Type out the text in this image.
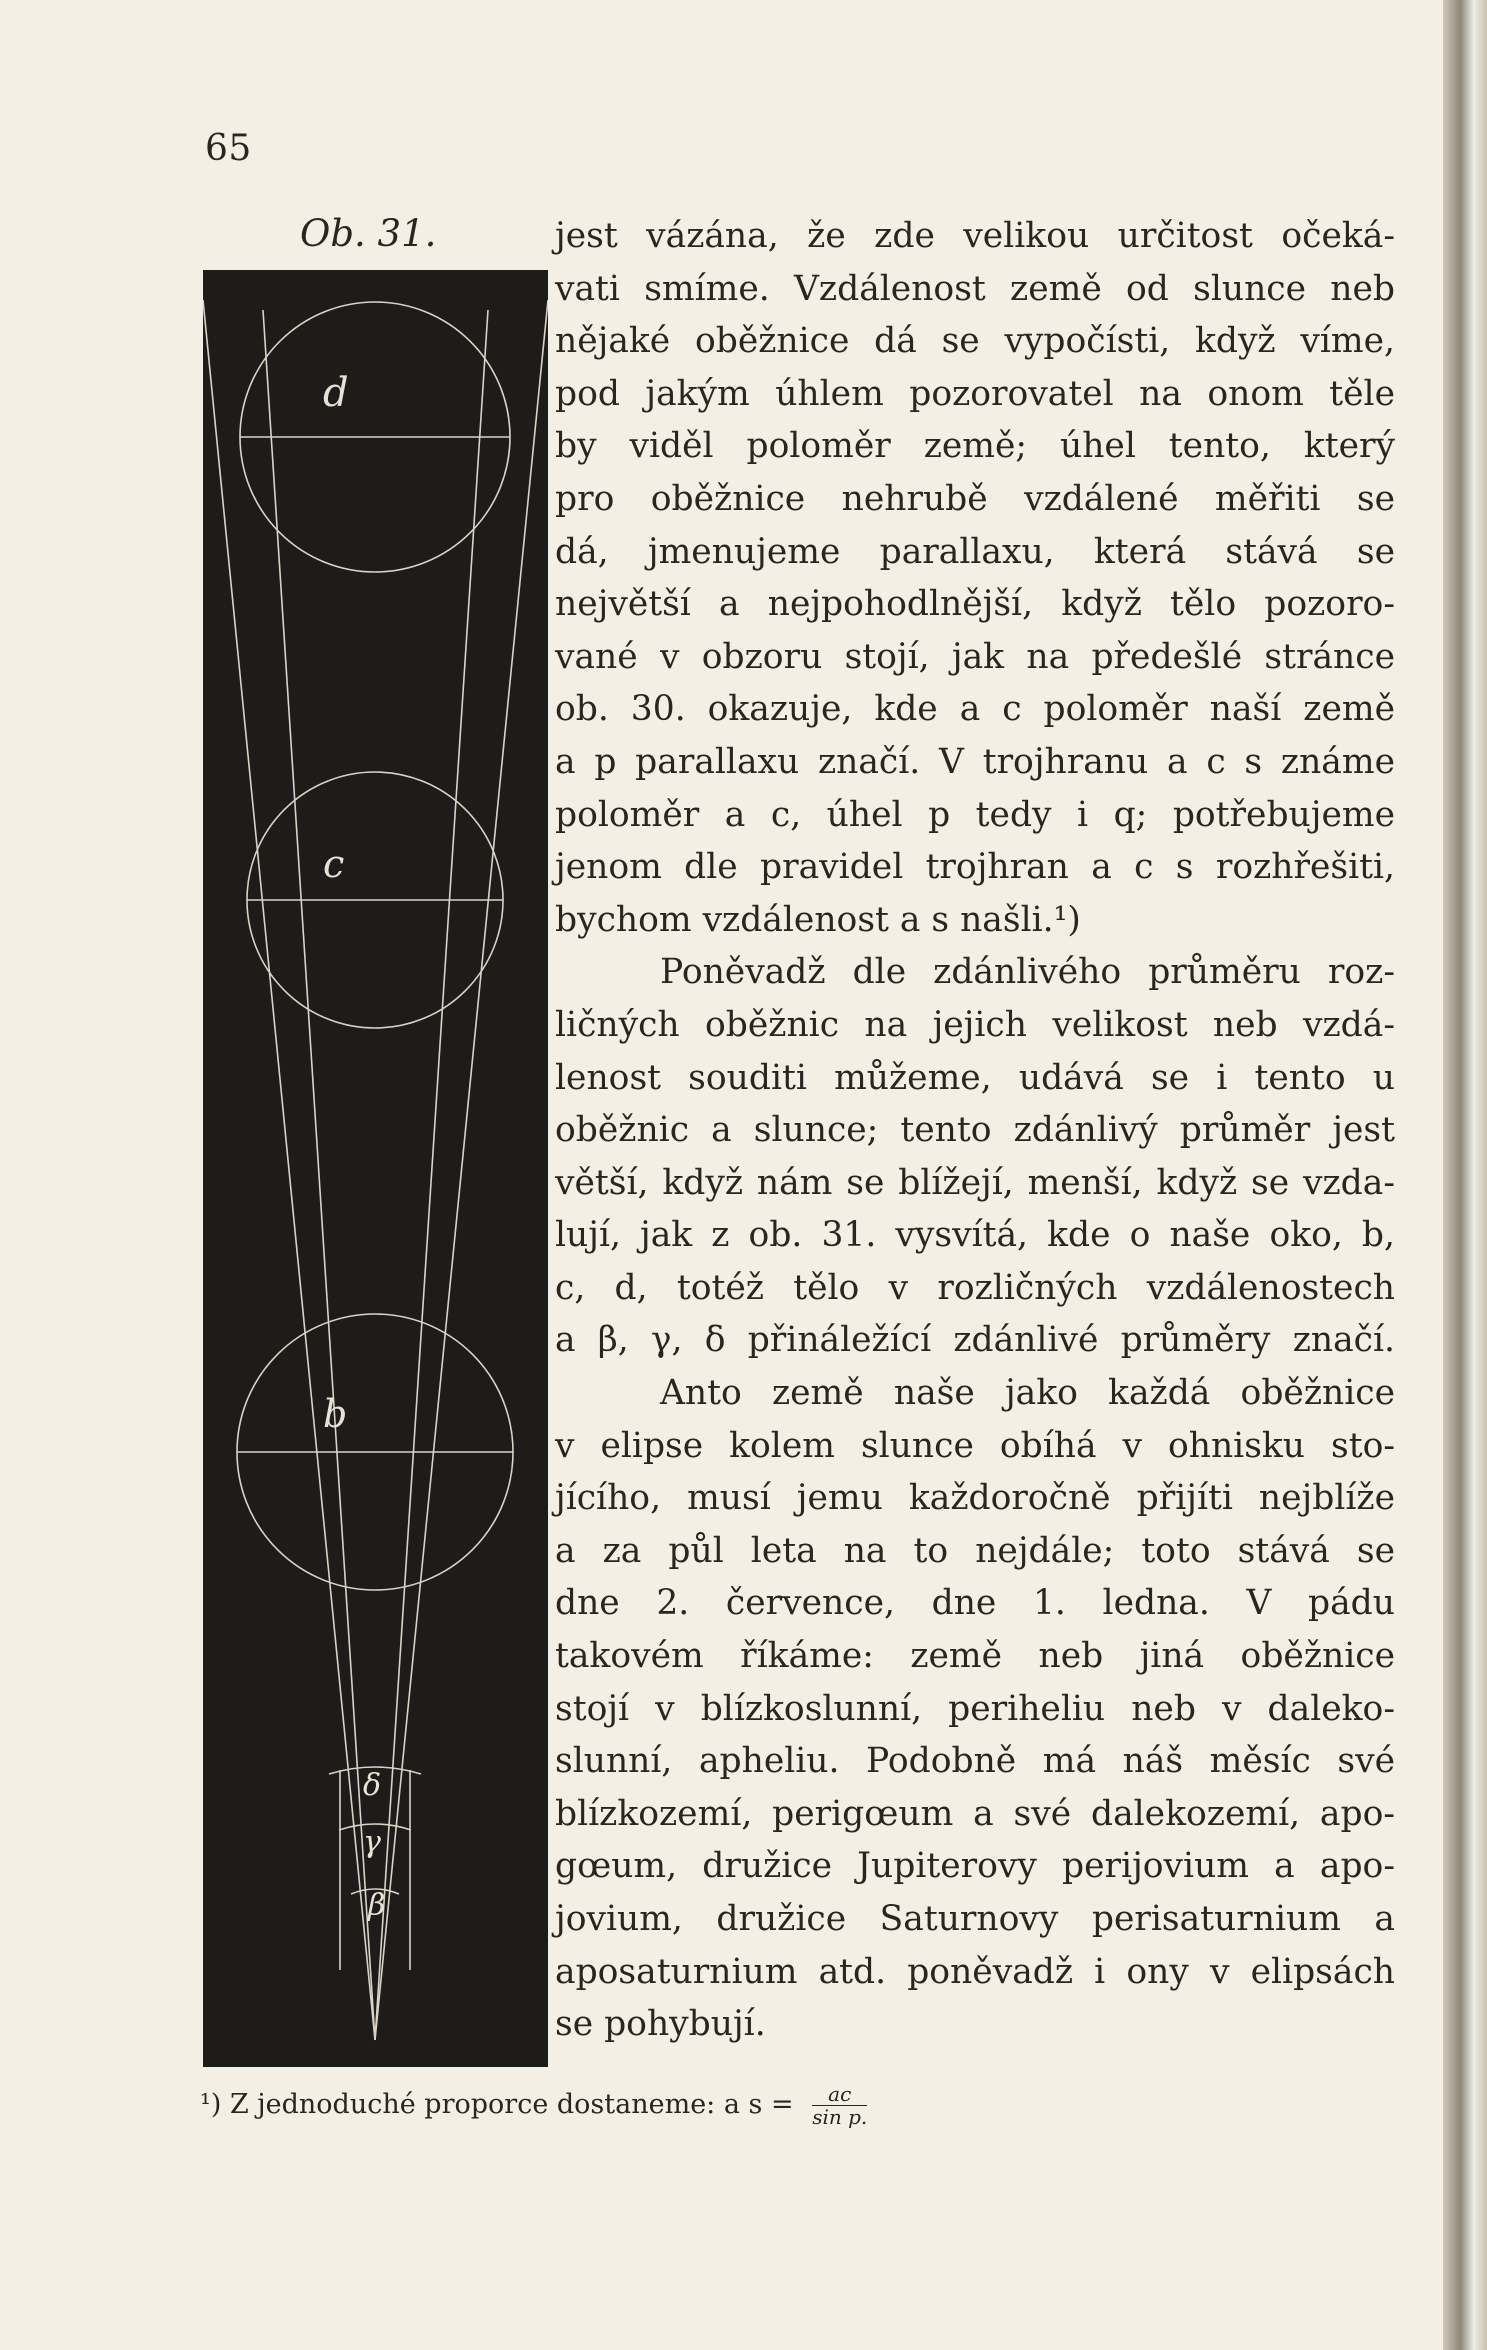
65
Ob. 31.
d
c
b
δ
γ
β
jest vázána, že zde velikou určitost očeká-
vati smíme. Vzdálenost země od slunce neb
nějaké oběžnice dá se vypočísti, když víme,
pod jakým úhlem pozorovatel na onom těle
by viděl poloměr země; úhel tento, který
pro oběžnice nehrubě vzdálené měřiti se
dá, jmenujeme parallaxu, která stává se
největší a nejpohodlnější, když tělo pozoro-
vané v obzoru stojí, jak na předešlé stránce
ob. 30. okazuje, kde a c poloměr naší země
a p parallaxu značí. V trojhranu a c s známe
poloměr a c, úhel p tedy i q; potřebujeme
jenom dle pravidel trojhran a c s rozhřešiti,
bychom vzdálenost a s našli.¹)
Poněvadž dle zdánlivého průměru roz-
ličných oběžnic na jejich velikost neb vzdá-
lenost souditi můžeme, udává se i tento u
oběžnic a slunce; tento zdánlivý průměr jest
větší, když nám se blížejí, menší, když se vzda-
lují, jak z ob. 31. vysvítá, kde o naše oko, b,
c, d, totéž tělo v rozličných vzdálenostech
a β, γ, δ přináležící zdánlivé průměry značí.
Anto země naše jako každá oběžnice
v elipse kolem slunce obíhá v ohnisku sto-
jícího, musí jemu každoročně přijíti nejblíže
a za půl leta na to nejdále; toto stává se
dne 2. července, dne 1. ledna. V pádu
takovém říkáme: země neb jiná oběžnice
stojí v blízkoslunní, periheliu neb v daleko-
slunní, apheliu. Podobně má náš měsíc své
blízkozemí, perigœum a své dalekozemí, apo-
gœum, družice Jupiterovy perijovium a apo-
jovium, družice Saturnovy perisaturnium a
aposaturnium atd. poněvadž i ony v elipsách
se pohybují.
¹) Z jednoduché proporce dostaneme: a $s = \frac{ac}{\text{sin p.}}$
